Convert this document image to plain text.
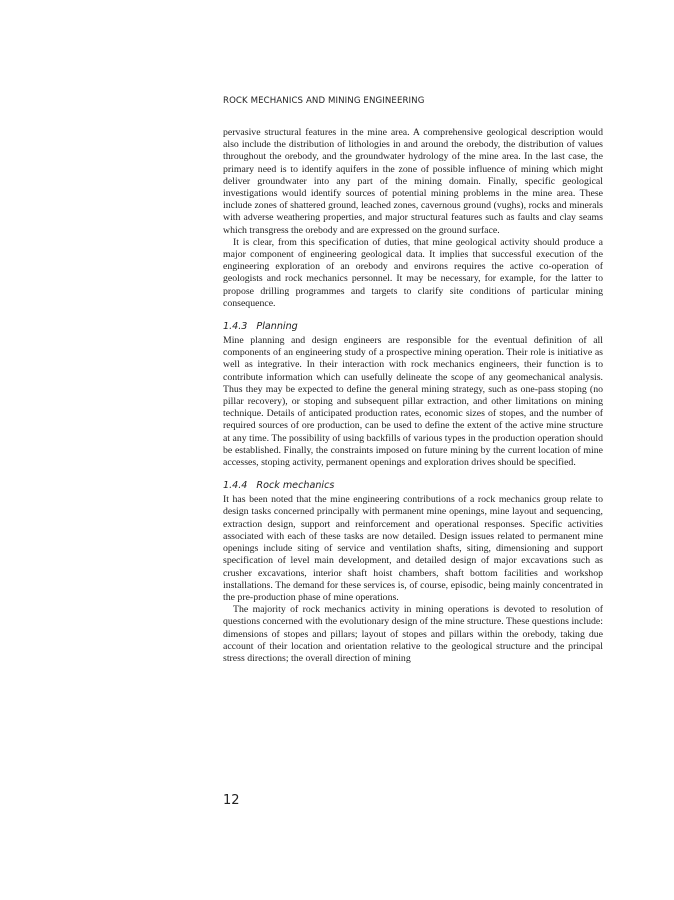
ROCK MECHANICS AND MINING ENGINEERING

pervasive structural features in the mine area. A comprehensive geological description would also include the distribution of lithologies in and around the orebody, the distribution of values throughout the orebody, and the groundwater hydrology of the mine area. In the last case, the primary need is to identify aquifers in the zone of possible influence of mining which might deliver groundwater into any part of the mining domain. Finally, specific geological investigations would identify sources of potential mining problems in the mine area. These include zones of shattered ground, leached zones, cavernous ground (vughs), rocks and minerals with adverse weathering properties, and major structural features such as faults and clay seams which transgress the orebody and are expressed on the ground surface.

It is clear, from this specification of duties, that mine geological activity should produce a major component of engineering geological data. It implies that successful execution of the engineering exploration of an orebody and environs requires the active co-operation of geologists and rock mechanics personnel. It may be necessary, for example, for the latter to propose drilling programmes and targets to clarify site conditions of particular mining consequence.

1.4.3 Planning

Mine planning and design engineers are responsible for the eventual definition of all components of an engineering study of a prospective mining operation. Their role is initiative as well as integrative. In their interaction with rock mechanics engineers, their function is to contribute information which can usefully delineate the scope of any geomechanical analysis. Thus they may be expected to define the general mining strategy, such as one-pass stoping (no pillar recovery), or stoping and subsequent pillar extraction, and other limitations on mining technique. Details of anticipated production rates, economic sizes of stopes, and the number of required sources of ore production, can be used to define the extent of the active mine structure at any time. The possibility of using backfills of various types in the production operation should be established. Finally, the constraints imposed on future mining by the current location of mine accesses, stoping activity, permanent openings and exploration drives should be specified.

1.4.4 Rock mechanics

It has been noted that the mine engineering contributions of a rock mechanics group relate to design tasks concerned principally with permanent mine openings, mine layout and sequencing, extraction design, support and reinforcement and operational responses. Specific activities associated with each of these tasks are now detailed. Design issues related to permanent mine openings include siting of service and ventilation shafts, siting, dimensioning and support specification of level main development, and detailed design of major excavations such as crusher excavations, interior shaft hoist chambers, shaft bottom facilities and workshop installations. The demand for these services is, of course, episodic, being mainly concentrated in the pre-production phase of mine operations.

The majority of rock mechanics activity in mining operations is devoted to resolution of questions concerned with the evolutionary design of the mine structure. These questions include: dimensions of stopes and pillars; layout of stopes and pillars within the orebody, taking due account of their location and orientation relative to the geological structure and the principal stress directions; the overall direction of mining

12
